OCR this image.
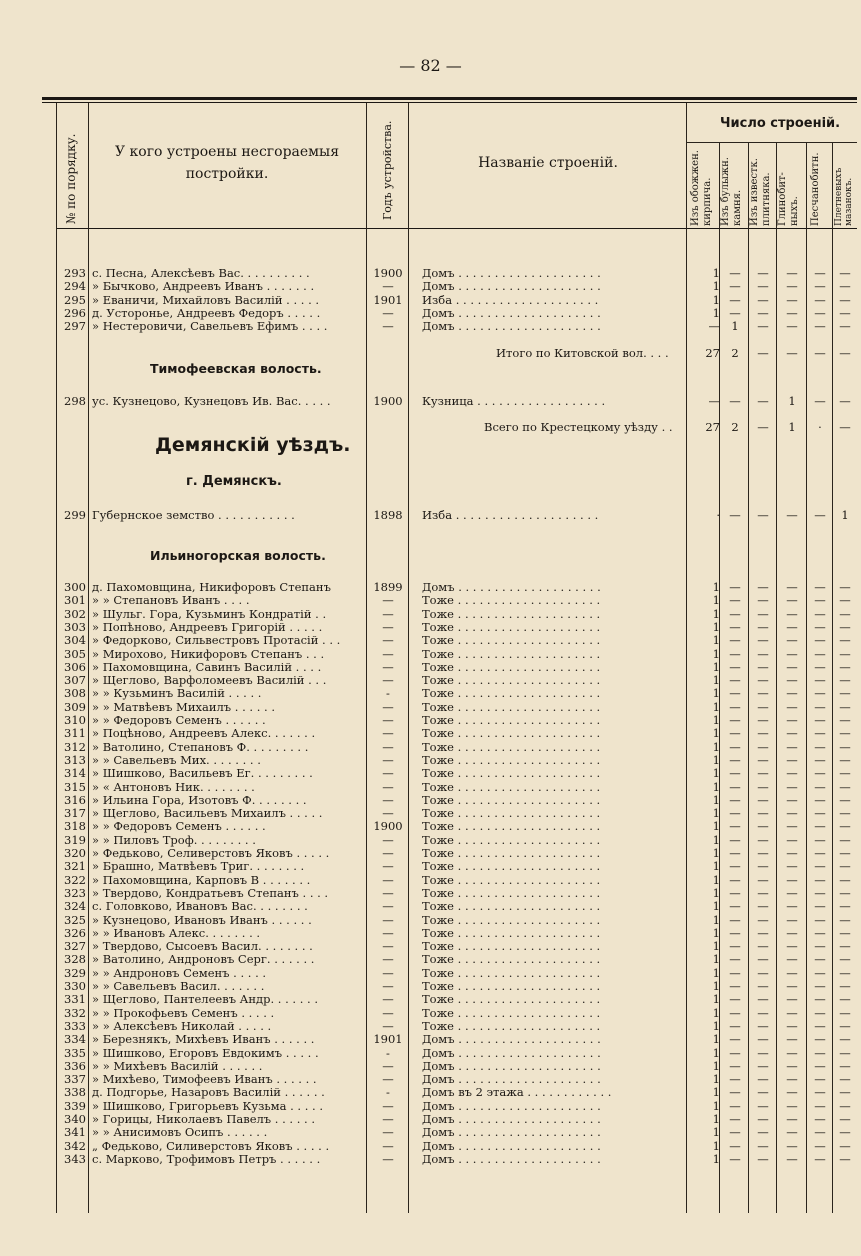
— 82 —
№ по порядку.	У кого устроены несгораемыя постройки.	Годъ устройства.	Названіе строеній.
Число строеній.
Изъ обожжен. кирпича. Изъ булыжн. камня. Изъ известк. плитняка. Глинобит- ныхъ. Песчанобитн. Плетневыхъ мазанокъ.
293 с. Песна, Алексѣевъ Вас. . . . . . . . . .	1900 Домъ . . . . . . . . . . . . . . . . . . . .	1 —	—	—	—	—
294 » Бычково, Андреевъ Иванъ . . . . . . .	—	Домъ . . . . . . . . . . . . . . . . . . . .	1 —	—	—	—	—
295 » Еваничи, Михайловъ Василій . . . . .	1901 Изба . . . . . . . . . . . . . . . . . . . .	1 —	—	—	—	—
296 д. Устороньe, Андреевъ Федоръ . . . . .	—	Домъ . . . . . . . . . . . . . . . . . . . .	1 —	—	—	—	—
297 » Нестеровичи, Савельевъ Ефимъ . . . .	—	Домъ . . . . . . . . . . . . . . . . . . . .	— 1	—	—	—	—
Итого по Китовской вол. . . .	27 2	—	—	—	—
Тимофеевская волость.
298 ус. Кузнецово, Кузнецовъ Ив. Вас. . . . .	1900 Кузница . . . . . . . . . . . . . . . . . .	— —	—	1	—	—
Всего по Крестецкому уѣзду . .	27 2	—	1	·	—
Демянскій уѣздъ.
г. Демянскъ.
299 Губернское земство . . . . . . . . . . .	1898 Изба . . . . . . . . . . . . . . . . . . . .	· —	—	—	—	1
Ильиногорская волость.
300 д. Пахомовщина, Никифоровъ Степанъ	1899 Домъ . . . . . . . . . . . . . . . . . . . .	1 —	—	—	—	—
301 » » Степановъ Иванъ . . . .	—	Тоже . . . . . . . . . . . . . . . . . . . .	1 —	—	—	—	—
302 » Шульг. Гора, Кузьминъ Кондратій . .	—	Тоже . . . . . . . . . . . . . . . . . . . .	1 —	—	—	—	—
303 » Попѣново, Андреевъ Григорій . . . . .	—	Тоже . . . . . . . . . . . . . . . . . . . .	1 —	—	—	—	—
304 » Федорково, Сильвестровъ Протасій . . .	—	Тоже . . . . . . . . . . . . . . . . . . . .	1 —	—	—	—	—
305 » Мирохово, Никифоровъ Степанъ . . .	—	Тоже . . . . . . . . . . . . . . . . . . . .	1 —	—	—	—	—
306 » Пахомовщина, Савинъ Василій . . . .	—	Тоже . . . . . . . . . . . . . . . . . . . .	1 —	—	—	—	—
307 » Щеглово, Варфоломеевъ Василій . . .	—	Тоже . . . . . . . . . . . . . . . . . . . .	1 —	—	—	—	—
308 » » Кузьминъ Василій . . . . .	-	Тоже . . . . . . . . . . . . . . . . . . . .	1 —	—	—	—	—
309 » » Матвѣевъ Михаилъ . . . . . .	—	Тоже . . . . . . . . . . . . . . . . . . . .	1 —	—	—	—	—
310 » » Федоровъ Семенъ . . . . . .	—	Тоже . . . . . . . . . . . . . . . . . . . .	1 —	—	—	—	—
311 » Поцѣново, Андреевъ Алекс. . . . . . .	—	Тоже . . . . . . . . . . . . . . . . . . . .	1 —	—	—	—	—
312 » Ватолино, Степановъ Ф. . . . . . . . .	—	Тоже . . . . . . . . . . . . . . . . . . . .	1 —	—	—	—	—
313 » » Савельевъ Мих. . . . . . . .	—	Тоже . . . . . . . . . . . . . . . . . . . .	1 —	—	—	—	—
314 » Шишково, Васильевъ Ег. . . . . . . . .	—	Тоже . . . . . . . . . . . . . . . . . . . .	1 —	—	—	—	—
315 » « Антоновъ Ник. . . . . . . .	—	Тоже . . . . . . . . . . . . . . . . . . . .	1 —	—	—	—	—
316 » Ильина Гора, Изотовъ Ф. . . . . . . .	—	Тоже . . . . . . . . . . . . . . . . . . . .	1 —	—	—	—	—
317 » Щеглово, Васильевъ Михаилъ . . . . .	—	Тоже . . . . . . . . . . . . . . . . . . . .	1 —	—	—	—	—
318 » » Федоровъ Семенъ . . . . . .	1900 Тоже . . . . . . . . . . . . . . . . . . . .	1 —	—	—	—	—
319 » » Пиловъ Троф. . . . . . . . .	—	Тоже . . . . . . . . . . . . . . . . . . . .	1 —	—	—	—	—
320 » Федьково, Селиверстовъ Яковъ . . . . .	—	Тоже . . . . . . . . . . . . . . . . . . . .	1 —	—	—	—	—
321 » Брашно, Матвѣевъ Триг. . . . . . . .	—	Тоже . . . . . . . . . . . . . . . . . . . .	1 —	—	—	—	—
322 » Пахомовщина, Карповъ В . . . . . . .	—	Тоже . . . . . . . . . . . . . . . . . . . .	1 —	—	—	—	—
323 » Твердово, Кондратьевъ Степанъ . . . .	—	Тоже . . . . . . . . . . . . . . . . . . . .	1 —	—	—	—	—
324 с. Головково, Ивановъ Вас. . . . . . . .	—	Тоже . . . . . . . . . . . . . . . . . . . .	1 —	—	—	—	—
325 » Кузнецово, Ивановъ Иванъ . . . . . .	—	Тоже . . . . . . . . . . . . . . . . . . . .	1 —	—	—	—	—
326 » » Ивановъ Алекс. . . . . . . .	—	Тоже . . . . . . . . . . . . . . . . . . . .	1 —	—	—	—	—
327 » Твердово, Сысоевъ Васил. . . . . . . .	—	Тоже . . . . . . . . . . . . . . . . . . . .	1 —	—	—	—	—
328 » Ватолино, Андроновъ Серг. . . . . . .	—	Тоже . . . . . . . . . . . . . . . . . . . .	1 —	—	—	—	—
329 » » Андроновъ Семенъ . . . . .	—	Тоже . . . . . . . . . . . . . . . . . . . .	1 —	—	—	—	—
330 » » Савельевъ Васил. . . . . . .	—	Тоже . . . . . . . . . . . . . . . . . . . .	1 —	—	—	—	—
331 » Щеглово, Пантелеевъ Андр. . . . . . .	—	Тоже . . . . . . . . . . . . . . . . . . . .	1 —	—	—	—	—
332 » » Прокофьевъ Семенъ . . . . .	—	Тоже . . . . . . . . . . . . . . . . . . . .	1 —	—	—	—	—
333 » » Алексѣевъ Николай . . . . .	—	Тоже . . . . . . . . . . . . . . . . . . . .	1 —	—	—	—	—
334 » Березнякъ, Михѣевъ Иванъ . . . . . .	1901 Домъ . . . . . . . . . . . . . . . . . . . .	1 —	—	—	—	—
335 » Шишково, Егоровъ Евдокимъ . . . . .	-	Домъ . . . . . . . . . . . . . . . . . . . .	1 —	—	—	—	—
336 » » Михѣевъ Василій . . . . . .	—	Домъ . . . . . . . . . . . . . . . . . . . .	1 —	—	—	—	—
337 » Михѣево, Тимофеевъ Иванъ . . . . . .	—	Домъ . . . . . . . . . . . . . . . . . . . .	1 —	—	—	—	—
338 д. Подгорье, Назаровъ Василій . . . . . .	-	Домъ въ 2 этажа . . . . . . . . . . . .	1 —	—	—	—	—
339 » Шишково, Григорьевъ Кузьма . . . . .	—	Домъ . . . . . . . . . . . . . . . . . . . .	1 —	—	—	—	—
340 » Горицы, Николаевъ Павелъ . . . . . .	—	Домъ . . . . . . . . . . . . . . . . . . . .	1 —	—	—	—	—
341 » » Анисимовъ Осипъ . . . . . .	—	Домъ . . . . . . . . . . . . . . . . . . . .	1 —	—	—	—	—
342 „ Федьково, Силиверстовъ Яковъ . . . . .	—	Домъ . . . . . . . . . . . . . . . . . . . .	1 —	—	—	—	—
343 с. Марково, Трофимовъ Петръ . . . . . .	—	Домъ . . . . . . . . . . . . . . . . . . . .	1 —	—	—	—	—
